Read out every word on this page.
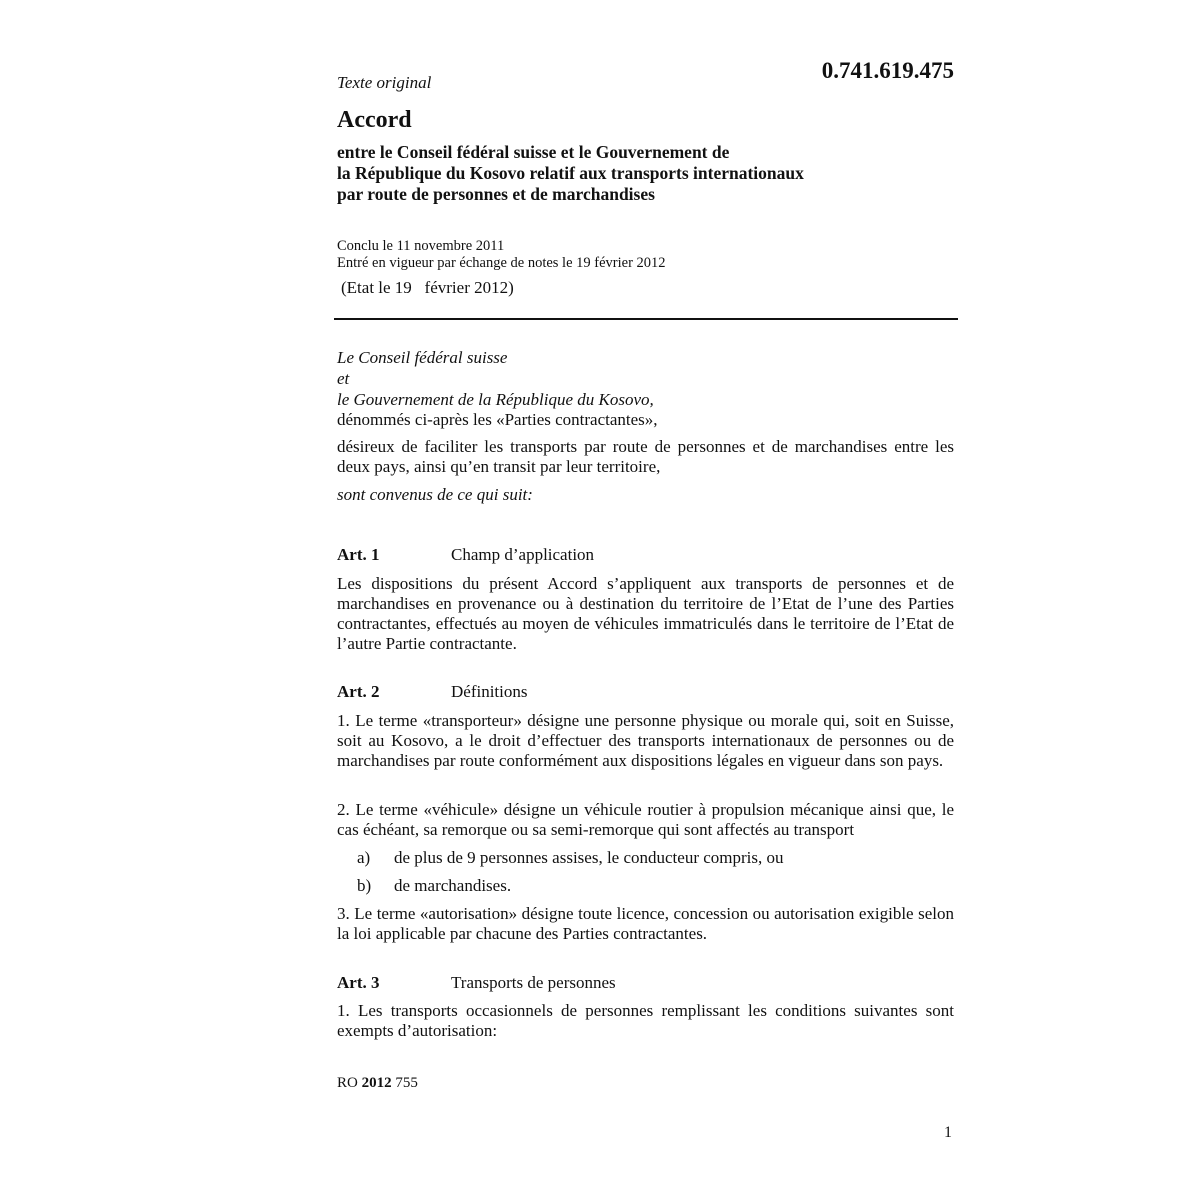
0.741.619.475
Texte original
Accord
entre le Conseil fédéral suisse et le Gouvernement de
la République du Kosovo relatif aux transports internationaux
par route de personnes et de marchandises
Conclu le 11 novembre 2011
Entré en vigueur par échange de notes le 19 février 2012
(Etat le 19   février 2012)
Le Conseil fédéral suisse
et
le Gouvernement de la République du Kosovo,
dénommés ci-après les «Parties contractantes»,
désireux de faciliter les transports par route de personnes et de marchandises entre les deux pays, ainsi qu’en transit par leur territoire,
sont convenus de ce qui suit:
Art. 1	Champ d’application
Les dispositions du présent Accord s’appliquent aux transports de personnes et de marchandises en provenance ou à destination du territoire de l’Etat de l’une des Parties contractantes, effectués au moyen de véhicules immatriculés dans le territoire de l’Etat de l’autre Partie contractante.
Art. 2	Définitions
1. Le terme «transporteur» désigne une personne physique ou morale qui, soit en Suisse, soit au Kosovo, a le droit d’effectuer des transports internationaux de personnes ou de marchandises par route conformément aux dispositions légales en vigueur dans son pays.
2. Le terme «véhicule» désigne un véhicule routier à propulsion mécanique ainsi que, le cas échéant, sa remorque ou sa semi-remorque qui sont affectés au transport
a) de plus de 9 personnes assises, le conducteur compris, ou
b) de marchandises.
3. Le terme «autorisation» désigne toute licence, concession ou autorisation exigible selon la loi applicable par chacune des Parties contractantes.
Art. 3	Transports de personnes
1. Les transports occasionnels de personnes remplissant les conditions suivantes sont exempts d’autorisation:
RO 2012 755
1
